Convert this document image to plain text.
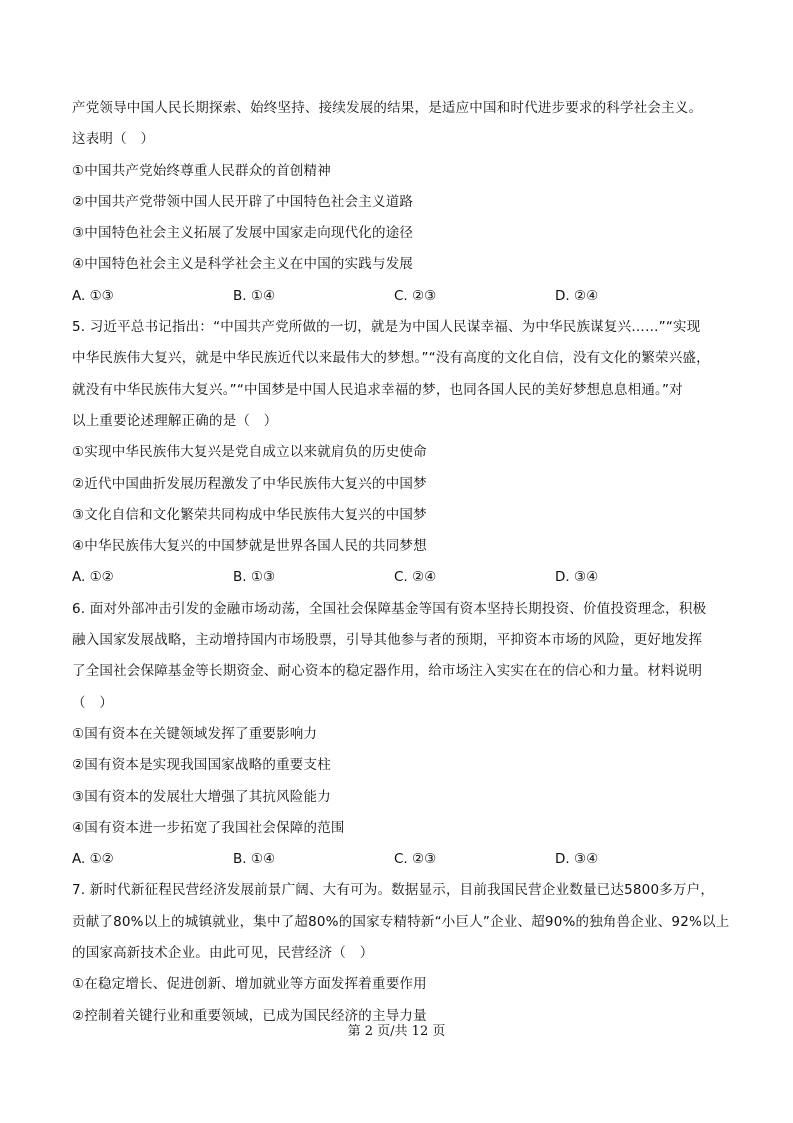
产党领导中国人民长期探索、始终坚持、接续发展的结果，是适应中国和时代进步要求的科学社会主义。
这表明（　）
①中国共产党始终尊重人民群众的首创精神
②中国共产党带领中国人民开辟了中国特色社会主义道路
③中国特色社会主义拓展了发展中国家走向现代化的途径
④中国特色社会主义是科学社会主义在中国的实践与发展
A. ①③	B. ①④	C. ②③	D. ②④
5. 习近平总书记指出：“中国共产党所做的一切，就是为中国人民谋幸福、为中华民族谋复兴……”“实现
中华民族伟大复兴，就是中华民族近代以来最伟大的梦想。”“没有高度的文化自信，没有文化的繁荣兴盛，
就没有中华民族伟大复兴。”“中国梦是中国人民追求幸福的梦，也同各国人民的美好梦想息息相通。”对
以上重要论述理解正确的是（　）
①实现中华民族伟大复兴是党自成立以来就肩负的历史使命
②近代中国曲折发展历程激发了中华民族伟大复兴的中国梦
③文化自信和文化繁荣共同构成中华民族伟大复兴的中国梦
④中华民族伟大复兴的中国梦就是世界各国人民的共同梦想
A. ①②	B. ①③	C. ②④	D. ③④
6. 面对外部冲击引发的金融市场动荡，全国社会保障基金等国有资本坚持长期投资、价值投资理念，积极
融入国家发展战略，主动增持国内市场股票，引导其他参与者的预期，平抑资本市场的风险，更好地发挥
了全国社会保障基金等长期资金、耐心资本的稳定器作用，给市场注入实实在在的信心和力量。材料说明
（　）
①国有资本在关键领域发挥了重要影响力
②国有资本是实现我国国家战略的重要支柱
③国有资本的发展壮大增强了其抗风险能力
④国有资本进一步拓宽了我国社会保障的范围
A. ①②	B. ①④	C. ②③	D. ③④
7. 新时代新征程民营经济发展前景广阔、大有可为。数据显示，目前我国民营企业数量已达5800多万户，
贡献了80%以上的城镇就业，集中了超80%的国家专精特新“小巨人”企业、超90%的独角兽企业、92%以上
的国家高新技术企业。由此可见，民营经济（　）
①在稳定增长、促进创新、增加就业等方面发挥着重要作用
②控制着关键行业和重要领域，已成为国民经济的主导力量
第 2 页/共 12 页
